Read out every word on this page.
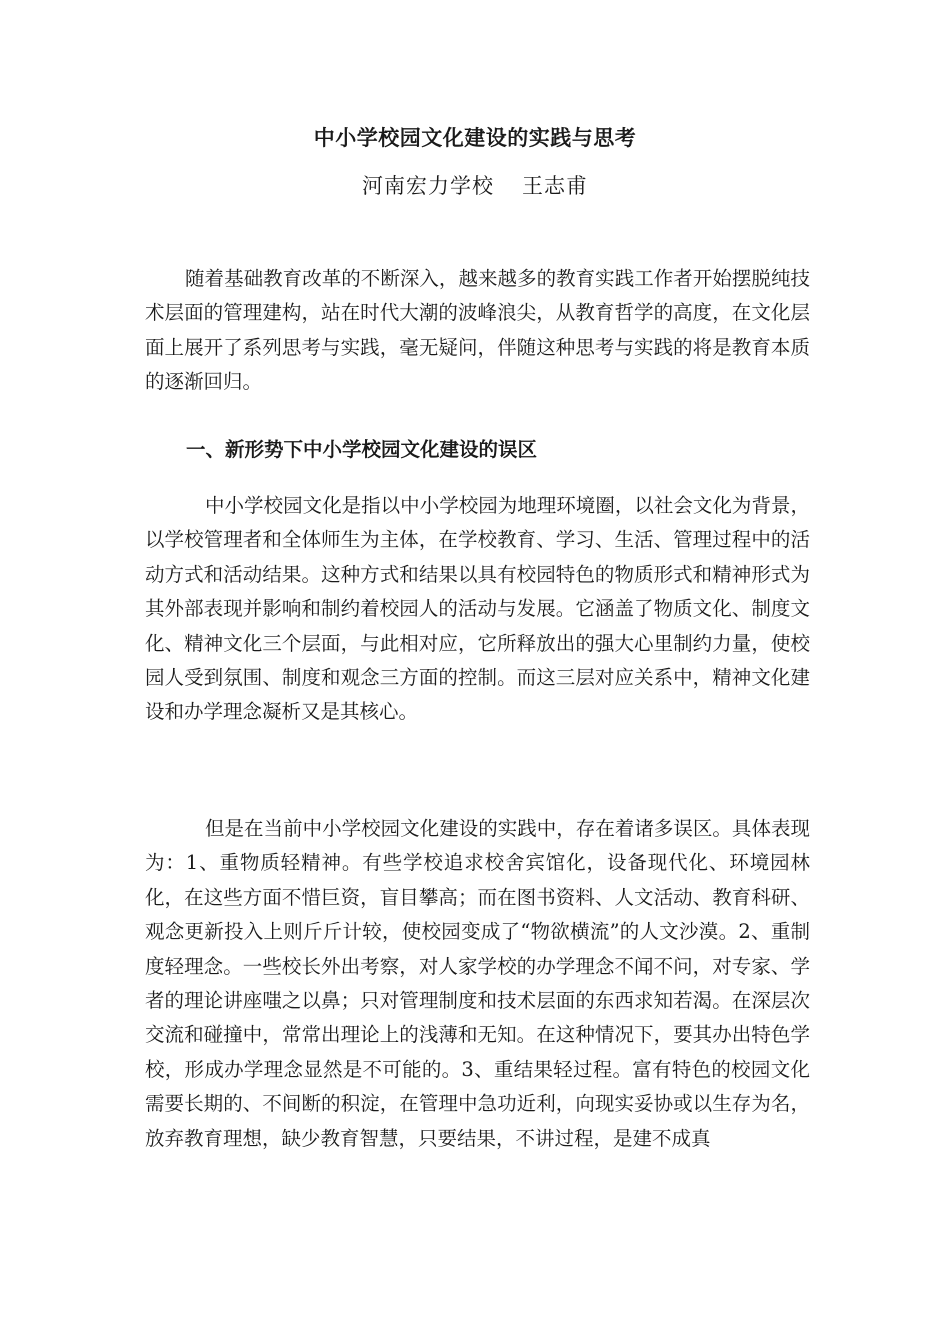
中小学校园文化建设的实践与思考
河南宏力学校 王志甫

随着基础教育改革的不断深入，越来越多的教育实践工作者开始摆脱纯技术层面的管理建构，站在时代大潮的波峰浪尖，从教育哲学的高度，在文化层面上展开了系列思考与实践，毫无疑问，伴随这种思考与实践的将是教育本质的逐渐回归。

一、新形势下中小学校园文化建设的误区

中小学校园文化是指以中小学校园为地理环境圈，以社会文化为背景，以学校管理者和全体师生为主体，在学校教育、学习、生活、管理过程中的活动方式和活动结果。这种方式和结果以具有校园特色的物质形式和精神形式为其外部表现并影响和制约着校园人的活动与发展。它涵盖了物质文化、制度文化、精神文化三个层面，与此相对应，它所释放出的强大心里制约力量，使校园人受到氛围、制度和观念三方面的控制。而这三层对应关系中，精神文化建设和办学理念凝析又是其核心。

但是在当前中小学校园文化建设的实践中，存在着诸多误区。具体表现为：1、重物质轻精神。有些学校追求校舍宾馆化，设备现代化、环境园林化，在这些方面不惜巨资，盲目攀高；而在图书资料、人文活动、教育科研、观念更新投入上则斤斤计较，使校园变成了“物欲横流”的人文沙漠。2、重制度轻理念。一些校长外出考察，对人家学校的办学理念不闻不问，对专家、学者的理论讲座嗤之以鼻；只对管理制度和技术层面的东西求知若渴。在深层次交流和碰撞中，常常出理论上的浅薄和无知。在这种情况下，要其办出特色学校，形成办学理念显然是不可能的。3、重结果轻过程。富有特色的校园文化需要长期的、不间断的积淀，在管理中急功近利，向现实妥协或以生存为名，放弃教育理想，缺少教育智慧，只要结果，不讲过程，是建不成真
